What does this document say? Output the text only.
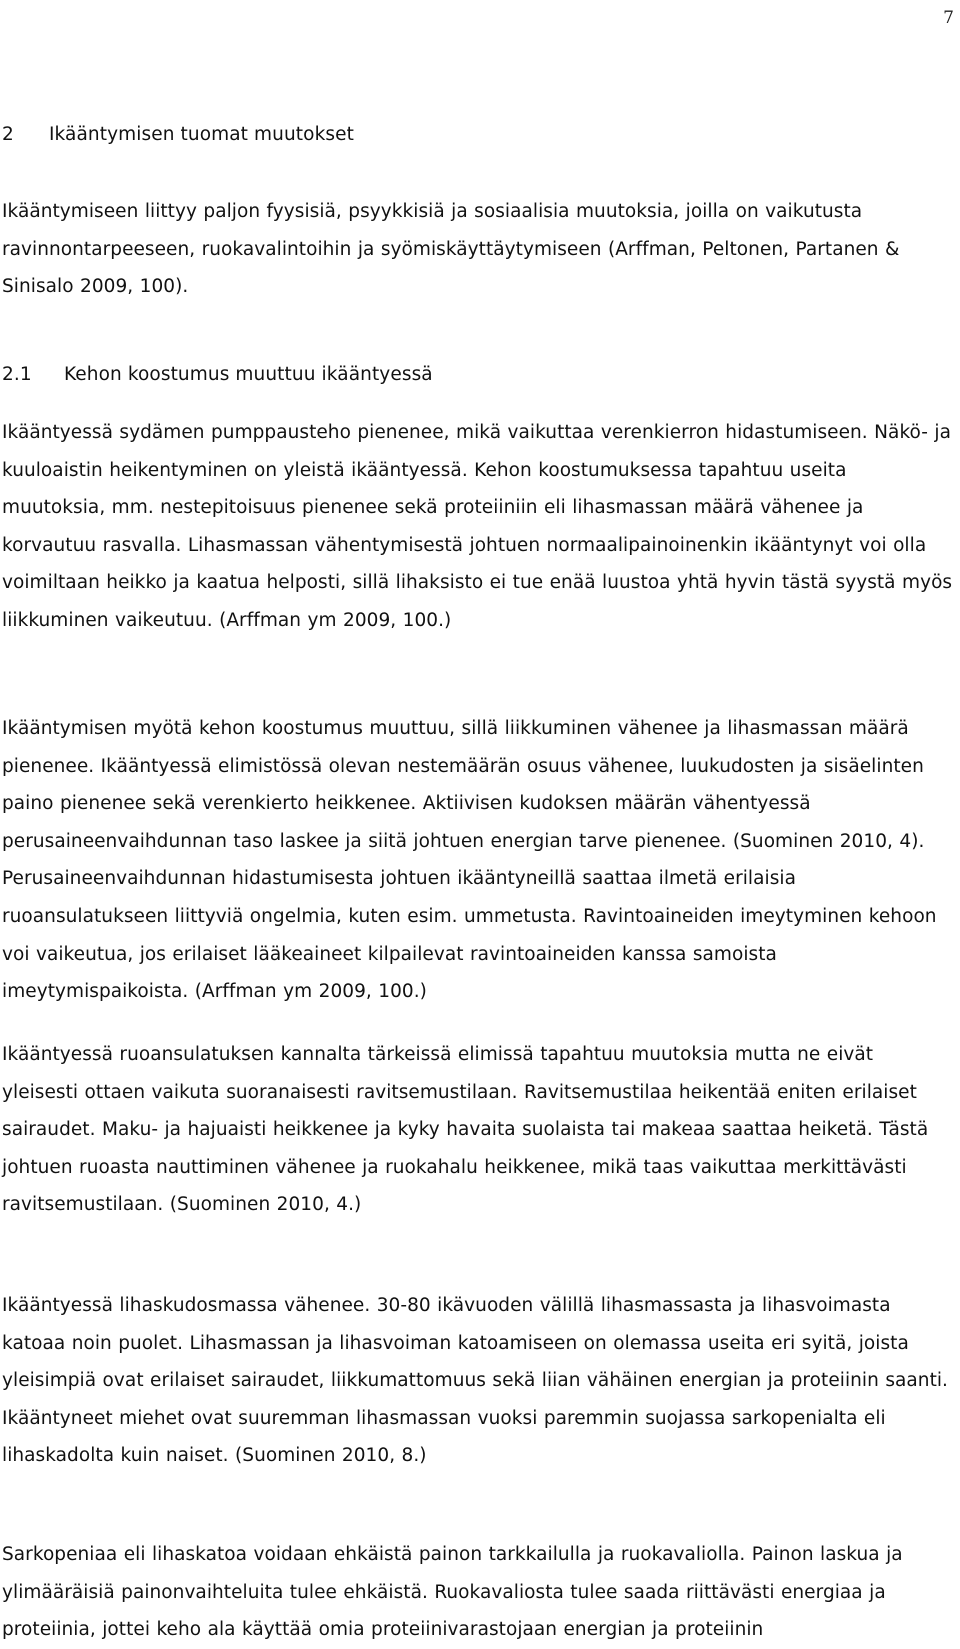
7
2 Ikääntymisen tuomat muutokset

Ikääntymiseen liittyy paljon fyysisiä, psyykkisiä ja sosiaalisia muutoksia, joilla on vaikutusta ravinnontarpeeseen, ruokavalintoihin ja syömiskäyttäytymiseen (Arffman, Peltonen, Partanen & Sinisalo 2009, 100).

2.1 Kehon koostumus muuttuu ikääntyessä

Ikääntyessä sydämen pumppausteho pienenee, mikä vaikuttaa verenkierron hidastumiseen. Näkö- ja kuuloaistin heikentyminen on yleistä ikääntyessä. Kehon koostumuksessa tapahtuu useita muutoksia, mm. nestepitoisuus pienenee sekä proteiiniin eli lihasmassan määrä vähenee ja korvautuu rasvalla. Lihasmassan vähentymisestä johtuen normaalipainoinenkin ikääntynyt voi olla voimiltaan heikko ja kaatua helposti, sillä lihaksisto ei tue enää luustoa yhtä hyvin tästä syystä myös liikkuminen vaikeutuu. (Arffman ym 2009, 100.)

Ikääntymisen myötä kehon koostumus muuttuu, sillä liikkuminen vähenee ja lihasmassan määrä pienenee. Ikääntyessä elimistössä olevan nestemäärän osuus vähenee, luukudosten ja sisäelinten paino pienenee sekä verenkierto heikkenee. Aktiivisen kudoksen määrän vähentyessä perusaineenvaihdunnan taso laskee ja siitä johtuen energian tarve pienenee. (Suominen 2010, 4). Perusaineenvaihdunnan hidastumisesta johtuen ikääntyneillä saattaa ilmetä erilaisia ruoansulatukseen liittyviä ongelmia, kuten esim. ummetusta. Ravintoaineiden imeytyminen kehoon voi vaikeutua, jos erilaiset lääkeaineet kilpailevat ravintoaineiden kanssa samoista imeytymispaikoista. (Arffman ym 2009, 100.)

Ikääntyessä ruoansulatuksen kannalta tärkeissä elimissä tapahtuu muutoksia mutta ne eivät yleisesti ottaen vaikuta suoranaisesti ravitsemustilaan. Ravitsemustilaa heikentää eniten erilaiset sairaudet. Maku- ja hajuaisti heikkenee ja kyky havaita suolaista tai makeaa saattaa heiketä. Tästä johtuen ruoasta nauttiminen vähenee ja ruokahalu heikkenee, mikä taas vaikuttaa merkittävästi ravitsemustilaan. (Suominen 2010, 4.)

Ikääntyessä lihaskudosmassa vähenee. 30-80 ikävuoden välillä lihasmassasta ja lihasvoimasta katoaa noin puolet. Lihasmassan ja lihasvoiman katoamiseen on olemassa useita eri syitä, joista yleisimpiä ovat erilaiset sairaudet, liikkumattomuus sekä liian vähäinen energian ja proteiinin saanti. Ikääntyneet miehet ovat suuremman lihasmassan vuoksi paremmin suojassa sarkopenialta eli lihaskadolta kuin naiset. (Suominen 2010, 8.)

Sarkopeniaa eli lihaskatoa voidaan ehkäistä painon tarkkailulla ja ruokavaliolla. Painon laskua ja ylimääräisiä painonvaihteluita tulee ehkäistä. Ruokavaliosta tulee saada riittävästi energiaa ja proteiinia, jottei keho ala käyttää omia proteiinivarastojaan energian ja proteiinin
